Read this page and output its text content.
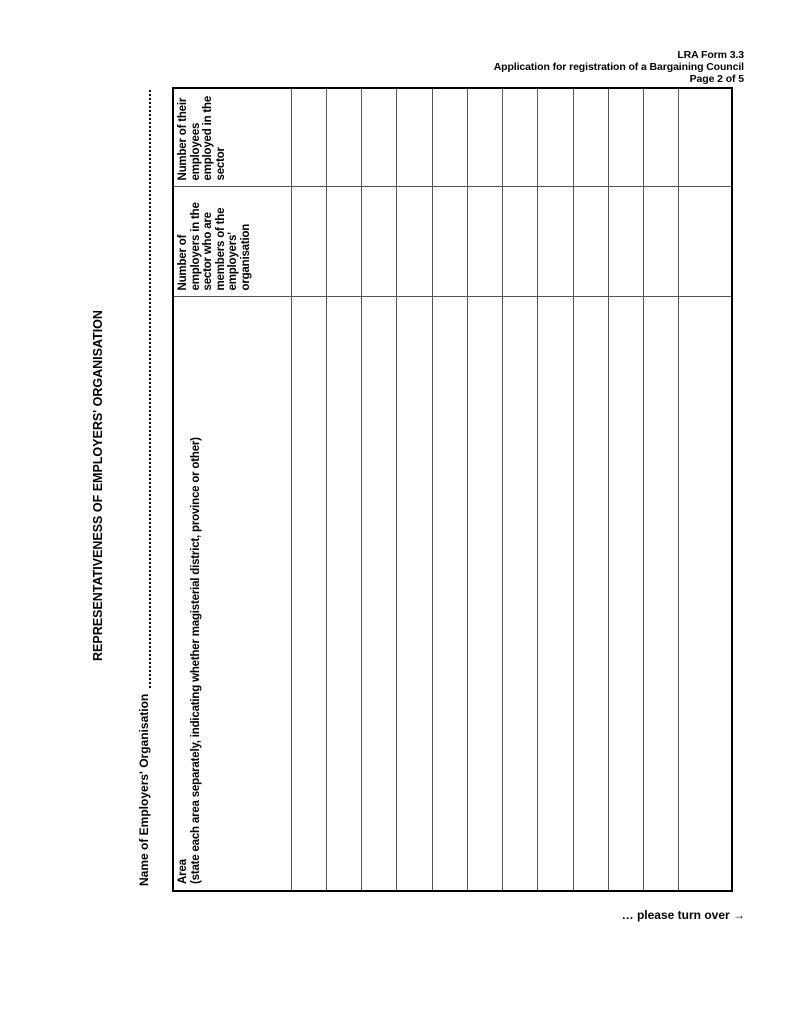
LRA Form 3.3
Application for registration of a Bargaining Council
Page 2 of 5
REPRESENTATIVENESS OF EMPLOYERS' ORGANISATION
Name of Employers' Organisation Area (state each area separately, indicating whether magisterial district, province or other)	Number of employers in the sector who are members of the employers' organisation	Number of their employees employed in the sector

… please turn over →
